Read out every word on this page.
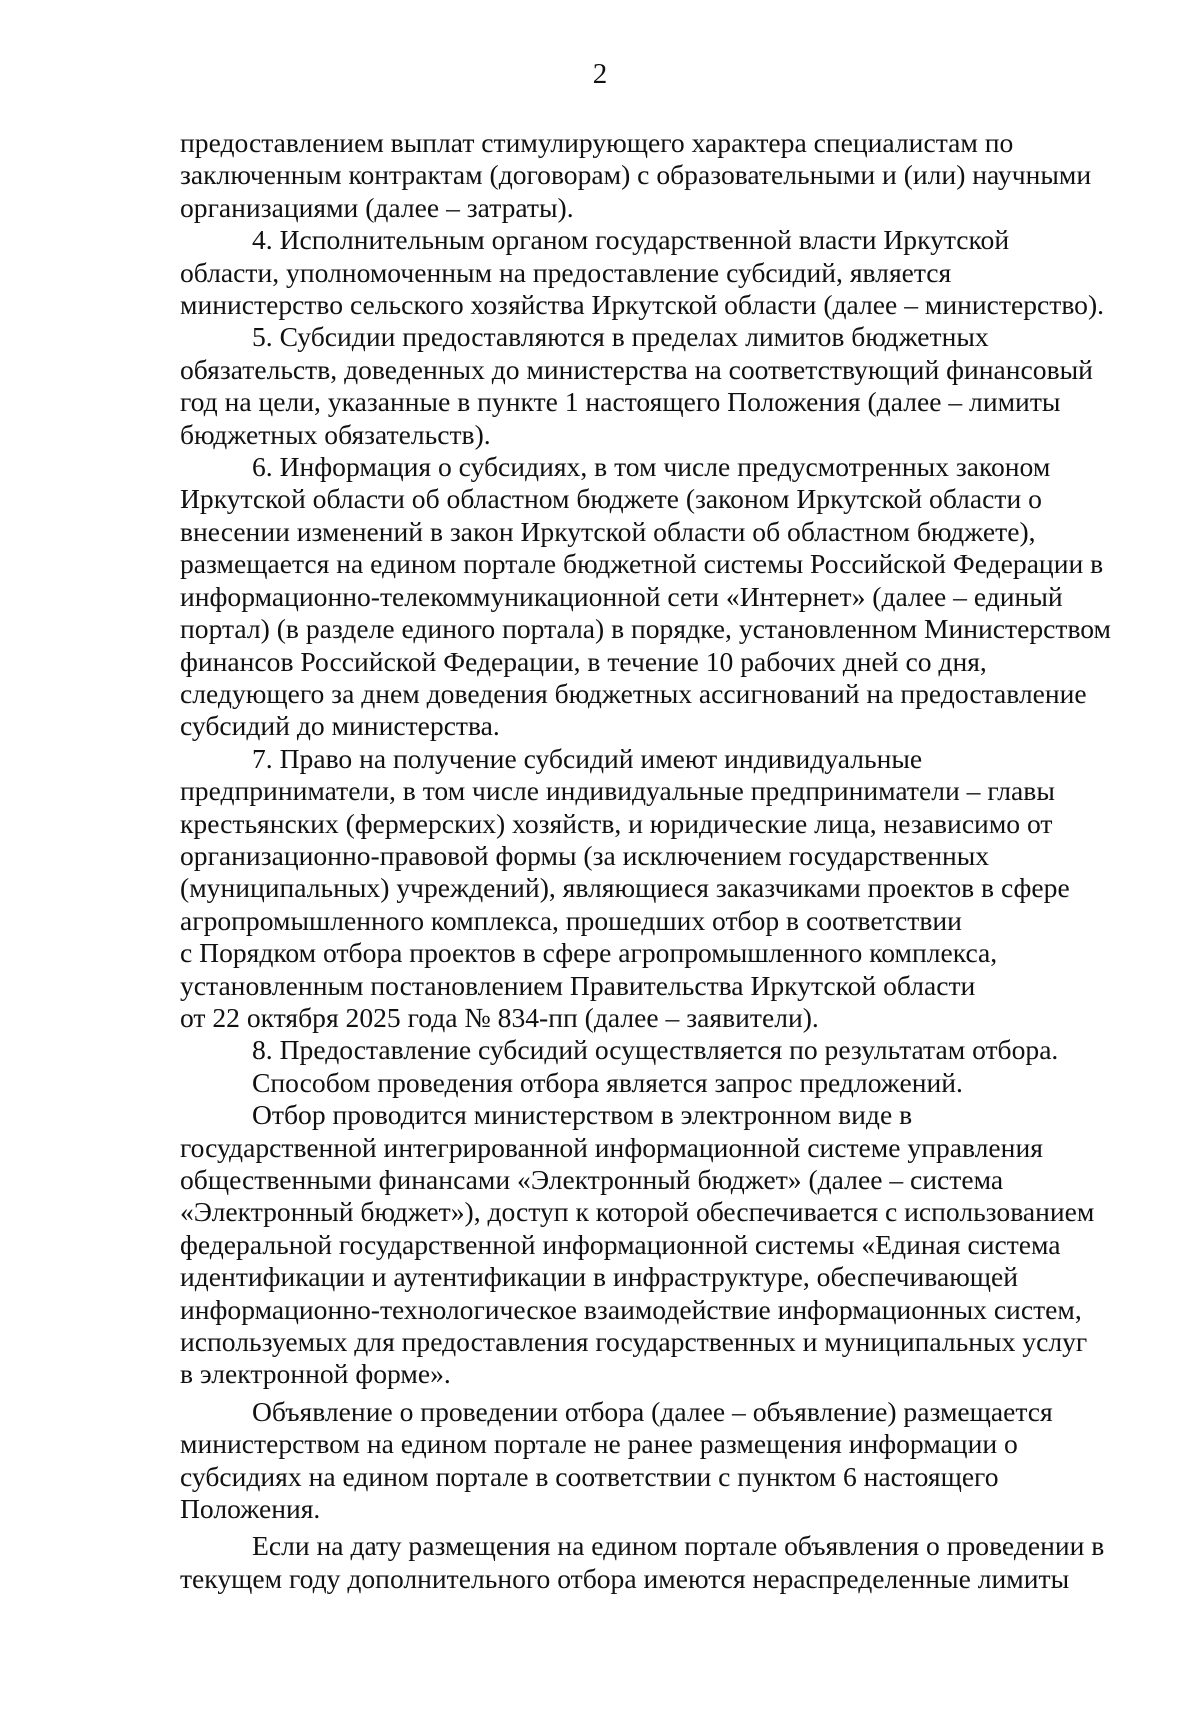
2

предоставлением выплат стимулирующего характера специалистам по
заключенным контрактам (договорам) с образовательными и (или) научными
организациями (далее – затраты).

4. Исполнительным органом государственной власти Иркутской
области, уполномоченным на предоставление субсидий, является
министерство сельского хозяйства Иркутской области (далее – министерство).

5. Субсидии предоставляются в пределах лимитов бюджетных
обязательств, доведенных до министерства на соответствующий финансовый
год на цели, указанные в пункте 1 настоящего Положения (далее – лимиты
бюджетных обязательств).

6. Информация о субсидиях, в том числе предусмотренных законом
Иркутской области об областном бюджете (законом Иркутской области о
внесении изменений в закон Иркутской области об областном бюджете),
размещается на едином портале бюджетной системы Российской Федерации в
информационно-телекоммуникационной сети «Интернет» (далее – единый
портал) (в разделе единого портала) в порядке, установленном Министерством
финансов Российской Федерации, в течение 10 рабочих дней со дня,
следующего за днем доведения бюджетных ассигнований на предоставление
субсидий до министерства.

7. Право на получение субсидий имеют индивидуальные
предприниматели, в том числе индивидуальные предприниматели – главы
крестьянских (фермерских) хозяйств, и юридические лица, независимо от
организационно-правовой формы (за исключением государственных
(муниципальных) учреждений), являющиеся заказчиками проектов в сфере
агропромышленного комплекса, прошедших отбор в соответствии
с Порядком отбора проектов в сфере агропромышленного комплекса,
установленным постановлением Правительства Иркутской области
от 22 октября 2025 года № 834-пп (далее – заявители).

8. Предоставление субсидий осуществляется по результатам отбора.

Способом проведения отбора является запрос предложений.

Отбор проводится министерством в электронном виде в
государственной интегрированной информационной системе управления
общественными финансами «Электронный бюджет» (далее – система
«Электронный бюджет»), доступ к которой обеспечивается с использованием
федеральной государственной информационной системы «Единая система
идентификации и аутентификации в инфраструктуре, обеспечивающей
информационно-технологическое взаимодействие информационных систем,
используемых для предоставления государственных и муниципальных услуг
в электронной форме».

Объявление о проведении отбора (далее – объявление) размещается
министерством на едином портале не ранее размещения информации о
субсидиях на едином портале в соответствии с пунктом 6 настоящего
Положения.

Если на дату размещения на едином портале объявления о проведении в
текущем году дополнительного отбора имеются нераспределенные лимиты
